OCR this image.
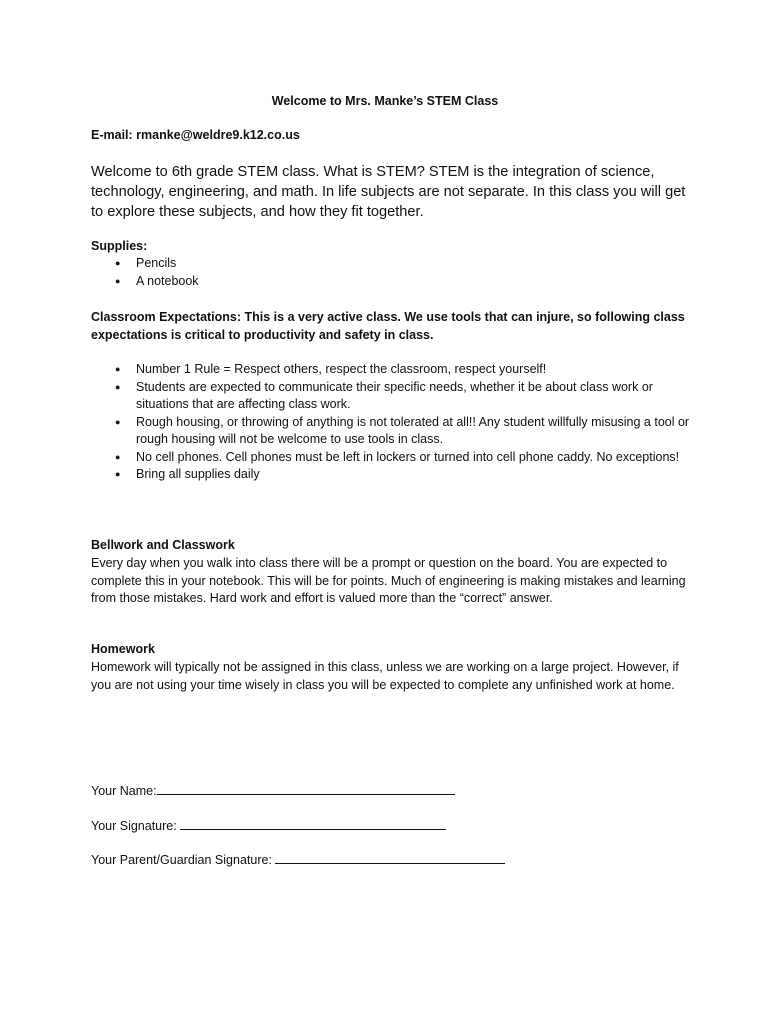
Welcome to Mrs. Manke’s STEM Class
E-mail: rmanke@weldre9.k12.co.us
Welcome to 6th grade STEM class. What is STEM? STEM is the integration of science, technology, engineering, and math. In life subjects are not separate. In this class you will get to explore these subjects, and how they fit together.
Supplies:
● Pencils
● A notebook
Classroom Expectations: This is a very active class. We use tools that can injure, so following class expectations is critical to productivity and safety in class.
● Number 1 Rule = Respect others, respect the classroom, respect yourself!
● Students are expected to communicate their specific needs, whether it be about class work or situations that are affecting class work.
● Rough housing, or throwing of anything is not tolerated at all!! Any student willfully misusing a tool or rough housing will not be welcome to use tools in class.
● No cell phones. Cell phones must be left in lockers or turned into cell phone caddy. No exceptions!
● Bring all supplies daily
Bellwork and Classwork
Every day when you walk into class there will be a prompt or question on the board. You are expected to complete this in your notebook. This will be for points. Much of engineering is making mistakes and learning from those mistakes. Hard work and effort is valued more than the “correct” answer.
Homework
Homework will typically not be assigned in this class, unless we are working on a large project. However, if you are not using your time wisely in class you will be expected to complete any unfinished work at home.
Your Name:
Your Signature:
Your Parent/Guardian Signature:
